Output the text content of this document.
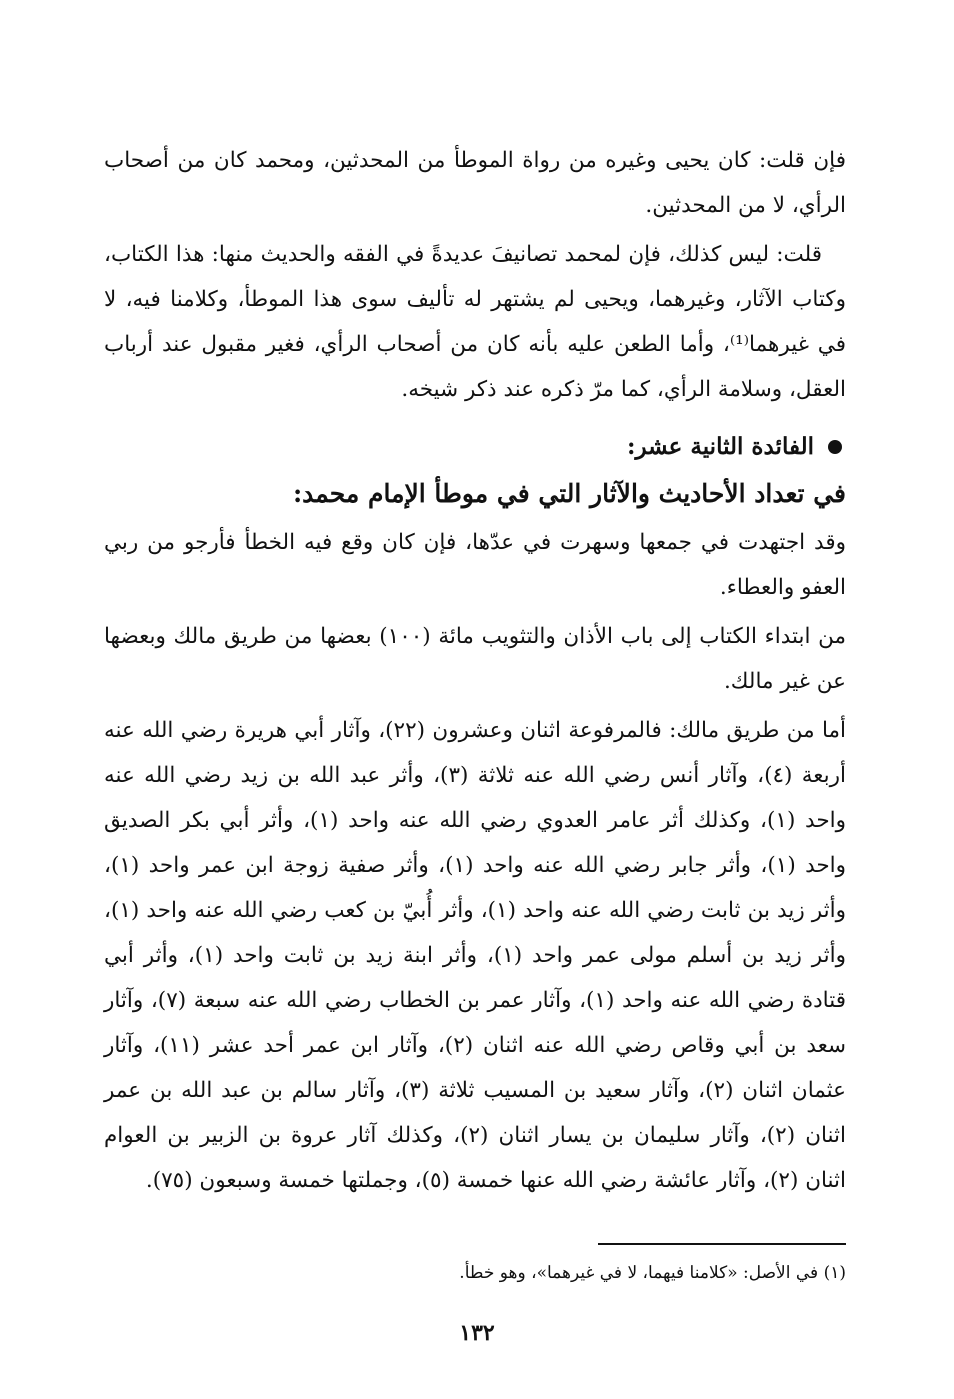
فإن قلت: كان يحيى وغيره من رواة الموطأ من المحدثين، ومحمد كان من أصحاب الرأي، لا من المحدثين.

قلت: ليس كذلك، فإن لمحمد تصانيفَ عديدةً في الفقه والحديث منها: هذا الكتاب، وكتاب الآثار، وغيرهما، ويحيى لم يشتهر له تأليف سوى هذا الموطأ، وكلامنا فيه، لا في غيرهما⁽¹⁾، وأما الطعن عليه بأنه كان من أصحاب الرأي، فغير مقبول عند أرباب العقل، وسلامة الرأي، كما مرّ ذكره عند ذكر شيخه.

الفائدة الثانية عشر:
في تعداد الأحاديث والآثار التي في موطأ الإمام محمد:

وقد اجتهدت في جمعها وسهرت في عدّها، فإن كان وقع فيه الخطأ فأرجو من ربي العفو والعطاء.

من ابتداء الكتاب إلى باب الأذان والتثويب مائة (١٠٠) بعضها من طريق مالك وبعضها عن غير مالك.

أما من طريق مالك: فالمرفوعة اثنان وعشرون (٢٢)، وآثار أبي هريرة رضي الله عنه أربعة (٤)، وآثار أنس رضي الله عنه ثلاثة (٣)، وأثر عبد الله بن زيد رضي الله عنه واحد (١)، وكذلك أثر عامر العدوي رضي الله عنه واحد (١)، وأثر أبي بكر الصديق واحد (١)، وأثر جابر رضي الله عنه واحد (١)، وأثر صفية زوجة ابن عمر واحد (١)، وأثر زيد بن ثابت رضي الله عنه واحد (١)، وأثر أُبيّ بن كعب رضي الله عنه واحد (١)، وأثر زيد بن أسلم مولى عمر واحد (١)، وأثر ابنة زيد بن ثابت واحد (١)، وأثر أبي قتادة رضي الله عنه واحد (١)، وآثار عمر بن الخطاب رضي الله عنه سبعة (٧)، وآثار سعد بن أبي وقاص رضي الله عنه اثنان (٢)، وآثار ابن عمر أحد عشر (١١)، وآثار عثمان اثنان (٢)، وآثار سعيد بن المسيب ثلاثة (٣)، وآثار سالم بن عبد الله بن عمر اثنان (٢)، وآثار سليمان بن يسار اثنان (٢)، وكذلك آثار عروة بن الزبير بن العوام اثنان (٢)، وآثار عائشة رضي الله عنها خمسة (٥)، وجملتها خمسة وسبعون (٧٥).

(١) في الأصل: «كلامنا فيهما، لا في غيرهما»، وهو خطأ.
١٣٢
